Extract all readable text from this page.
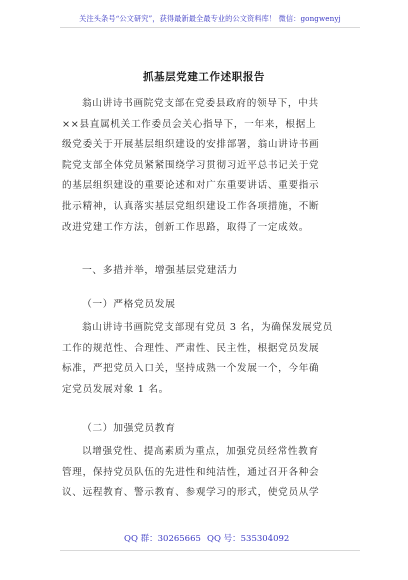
关注头条号“公文研究”，获得最新最全最专业的公文资料库！ 微信：gongwenyj
抓基层党建工作述职报告

翁山讲诗书画院党支部在党委县政府的领导下，中共
××县直属机关工作委员会关心指导下，一年来，根据上
级党委关于开展基层组织建设的安排部署，翁山讲诗书画
院党支部全体党员紧紧围绕学习贯彻习近平总书记关于党
的基层组织建设的重要论述和对广东重要讲话、重要指示
批示精神，认真落实基层党组织建设工作各项措施，不断
改进党建工作方法，创新工作思路，取得了一定成效。

一、多措并举，增强基层党建活力
（一）严格党员发展

翁山讲诗书画院党支部现有党员 3 名，为确保发展党员
工作的规范性、合理性、严肃性、民主性，根据党员发展
标准，严把党员入口关，坚持成熟一个发展一个，今年确
定党员发展对象 1 名。

（二）加强党员教育

以增强党性、提高素质为重点，加强党员经常性教育
管理，保持党员队伍的先进性和纯洁性，通过召开各种会
议、远程教育、警示教育、参观学习的形式，使党员从学

QQ 群：30265665 QQ 号：535304092
